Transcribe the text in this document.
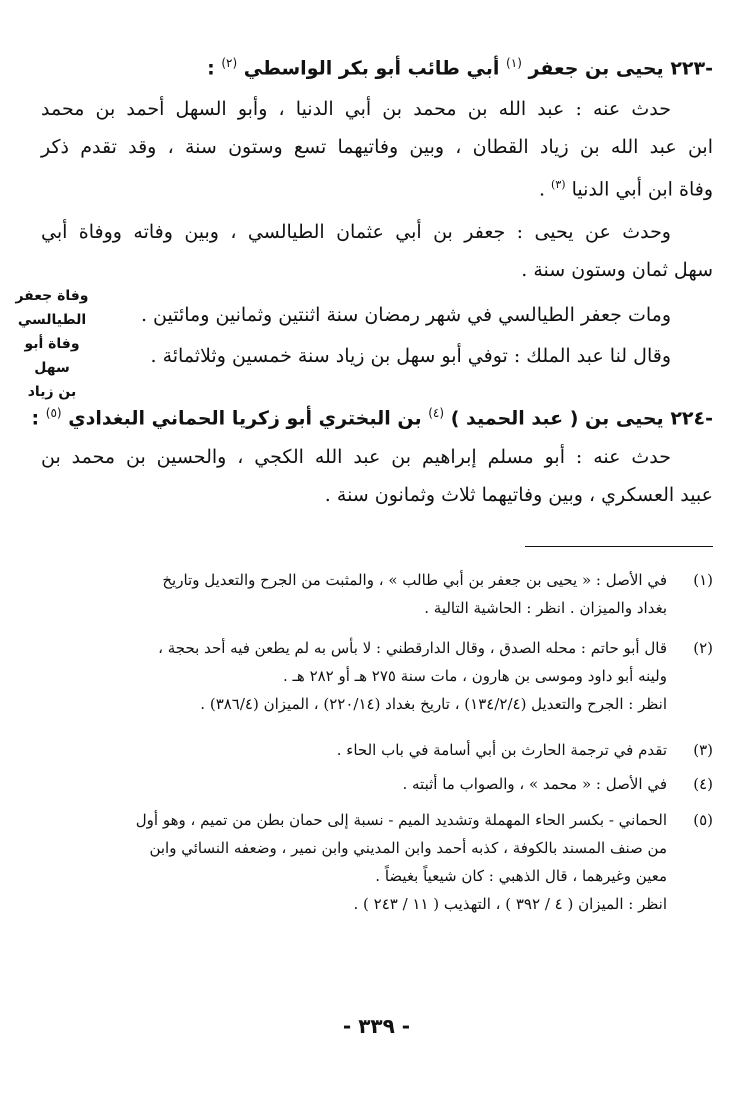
-٢٢٣ يحيى بن جعفر $^{(١)}$ أبي طائب أبو بكر الواسطي $^{(٢)}$ :
حدث عنه : عبد الله بن محمد بن أبي الدنيا ، وأبو السهل أحمد بن محمد
ابن عبد الله بن زياد القطان ، وبين وفاتيهما تسع وستون سنة ، وقد تقدم ذكر
وفاة ابن أبي الدنيا $^{(٣)}$ .
وحدث عن يحيى : جعفر بن أبي عثمان الطيالسي ، وبين وفاته ووفاة أبي
سهل ثمان وستون سنة .
ومات جعفر الطيالسي في شهر رمضان سنة اثنتين وثمانين ومائتين .
وقال لنا عبد الملك : توفي أبو سهل بن زياد سنة خمسين وثلاثمائة .
وفاة جعفر
الطيالسي
وفاة أبو سهل
بن زياد
-٢٢٤ يحيى بن ( عبد الحميد ) $^{(٤)}$ بن البختري أبو زكريا الحماني البغدادي $^{(٥)}$ :
حدث عنه : أبو مسلم إبراهيم بن عبد الله الكجي ، والحسين بن محمد بن
عبيد العسكري ، وبين وفاتيهما ثلاث وثمانون سنة .
(١)
في الأصل : « يحيى بن جعفر بن أبي طالب » ، والمثبت من الجرح والتعديل وتاريخ
بغداد والميزان . انظر : الحاشية التالية .
(٢)
قال أبو حاتم : محله الصدق ، وقال الدارقطني : لا بأس به لم يطعن فيه أحد بحجة ،
ولينه أبو داود وموسى بن هارون ، مات سنة ٢٧٥ هـ أو ٢٨٢ هـ .
انظر : الجرح والتعديل (١٣٤/٢/٤) ، تاريخ بغداد (٢٢٠/١٤) ، الميزان (٣٨٦/٤) .
(٣)
تقدم في ترجمة الحارث بن أبي أسامة في باب الحاء .
(٤)
في الأصل : « محمد » ، والصواب ما أثبته .
(٥)
الحماني - بكسر الحاء المهملة وتشديد الميم - نسبة إلى حمان بطن من تميم ، وهو أول
من صنف المسند بالكوفة ، كذبه أحمد وابن المديني وابن نمير ، وضعفه النسائي وابن
معين وغيرهما ، قال الذهبي : كان شيعياً بغيضاً .
انظر : الميزان ( ٤ / ٣٩٢ ) ، التهذيب ( ١١ / ٢٤٣ ) .
- ٣٣٩ -
